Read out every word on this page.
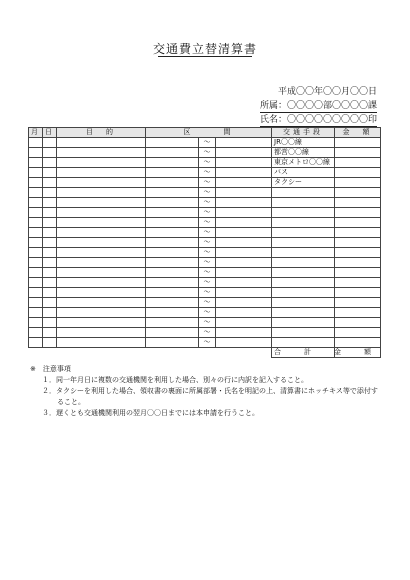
交通費立替清算書
平成〇〇年〇〇月〇〇日
所属：〇〇〇〇部〇〇〇〇課
氏名：〇〇〇〇〇〇〇〇〇印
月	日	目　的	区　　　間			交通手段	金　額
				〜		JR〇〇線	
				〜		都営〇〇線	
				〜		東京メトロ〇〇線	
				〜		バス	
				〜		タクシー	
				〜			
				〜			
				〜			
				〜			
				〜			
				〜			
				〜			
				〜			
				〜			
				〜			
				〜			
				〜			
				〜			
				〜			
				〜			
				〜			
						合　計　金　額	
※　注意事項
１．同一年月日に複数の交通機関を利用した場合、別々の行に内訳を記入すること。
２．タクシーを利用した場合、領収書の裏面に所属部署・氏名を明記の上、清算書にホッチキス等で添付す
ること。
３．遅くとも交通機関利用の翌月〇〇日までには本申請を行うこと。
